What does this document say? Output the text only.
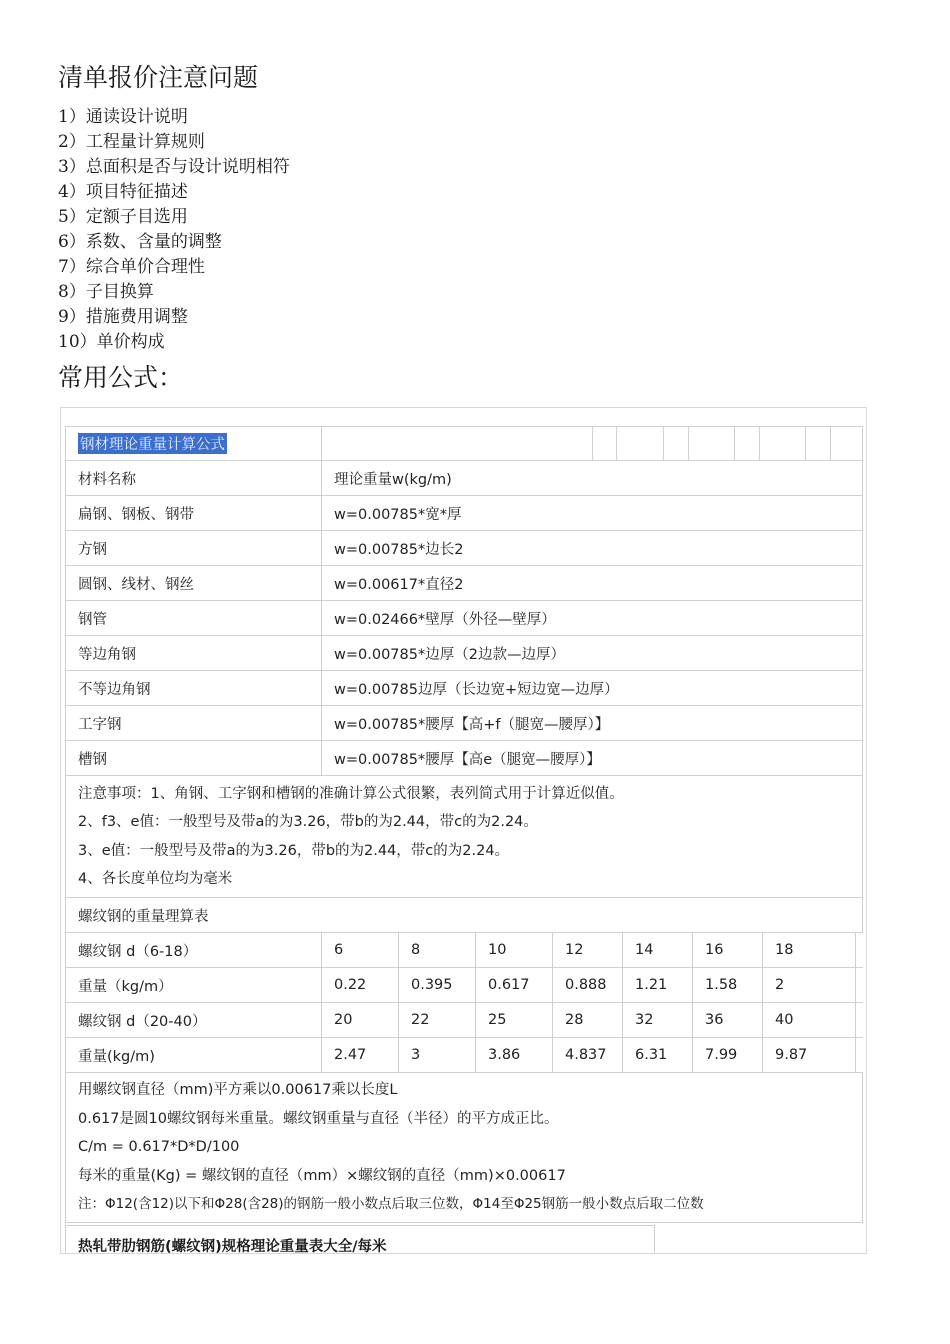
清单报价注意问题
1）通读设计说明
2）工程量计算规则
3）总面积是否与设计说明相符
4）项目特征描述
5）定额子目选用
6）系数、含量的调整
7）综合单价合理性
8）子目换算
9）措施费用调整
10）单价构成
常用公式：
钢材理论重量计算公式
材料名称	理论重量w(kg/m)
扁钢、钢板、钢带	w=0.00785*宽*厚
方钢	w=0.00785*边长2
圆钢、线材、钢丝	w=0.00617*直径2
钢管	w=0.02466*壁厚（外径—壁厚）
等边角钢	w=0.00785*边厚（2边款—边厚）
不等边角钢	w=0.00785边厚（长边宽+短边宽—边厚）
工字钢	w=0.00785*腰厚【高+f（腿宽—腰厚）】
槽钢	w=0.00785*腰厚【高e（腿宽—腰厚）】
注意事项：1、角钢、工字钢和槽钢的准确计算公式很繁，表列简式用于计算近似值。
2、f3、e值：一般型号及带a的为3.26，带b的为2.44，带c的为2.24。
3、e值：一般型号及带a的为3.26，带b的为2.44，带c的为2.24。
4、各长度单位均为毫米
螺纹钢的重量理算表
螺纹钢 d（6-18）	6	8	10	12	14	16	18
重量（kg/m）	0.22	0.395	0.617	0.888	1.21	1.58	2
螺纹钢 d（20-40）	20	22	25	28	32	36	40
重量(kg/m)	2.47	3	3.86	4.837	6.31	7.99	9.87
用螺纹钢直径（mm)平方乘以0.00617乘以长度L
0.617是圆10螺纹钢每米重量。螺纹钢重量与直径（半径）的平方成正比。
C/m = 0.617*D*D/100
每米的重量(Kg) = 螺纹钢的直径（mm）×螺纹钢的直径（mm)×0.00617
注：Φ12(含12)以下和Φ28(含28)的钢筋一般小数点后取三位数，Φ14至Φ25钢筋一般小数点后取二位数
热轧带肋钢筋(螺纹钢)规格理论重量表大全/每米
